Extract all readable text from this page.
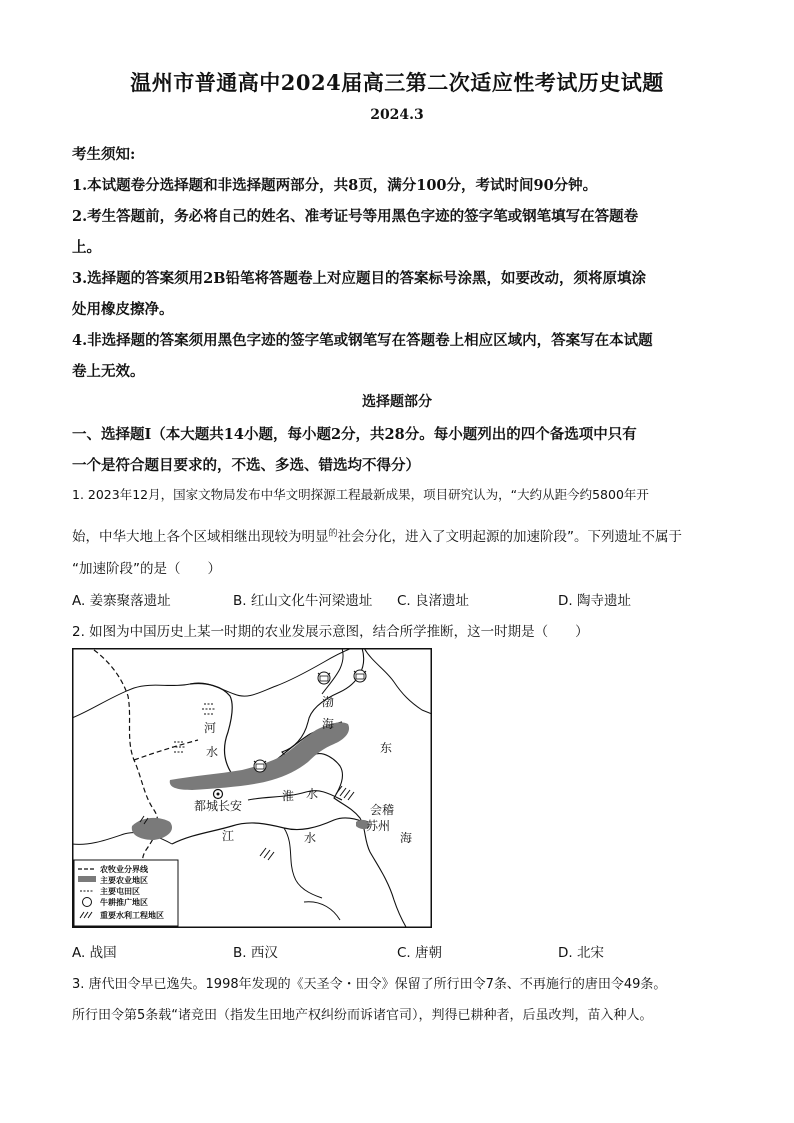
温州市普通高中2024届高三第二次适应性考试历史试题
2024.3
考生须知:
1.本试题卷分选择题和非选择题两部分，共8页，满分100分，考试时间90分钟。
2.考生答题前，务必将自己的姓名、准考证号等用黑色字迹的签字笔或钢笔填写在答题卷
上。
3.选择题的答案须用2B铅笔将答题卷上对应题目的答案标号涂黑，如要改动，须将原填涂
处用橡皮擦净。
4.非选择题的答案须用黑色字迹的签字笔或钢笔写在答题卷上相应区域内，答案写在本试题
卷上无效。
选择题部分
一、选择题Ⅰ（本大题共14小题，每小题2分，共28分。每小题列出的四个备选项中只有
一个是符合题目要求的，不选、多选、错选均不得分）
1. 2023年12月，国家文物局发布中华文明探源工程最新成果，项目研究认为，“大约从距今约5800年开
始，中华大地上各个区域相继出现较为明显$^的$社会分化，进入了文明起源的加速阶段”。下列遗址不属于
“加速阶段”的是（　　）
A. 姜寨聚落遗址	B. 红山文化牛河梁遗址 C. 良渚遗址	D. 陶寺遗址
2. 如图为中国历史上某一时期的农业发展示意图，结合所学推断，这一时期是（　　）
渤
海
河
水	东
海
淮 水
都城长安	会稽
苏州
江	水
农牧业分界线
主要农业地区
主要屯田区
牛耕推广地区
重要水利工程地区
A. 战国	B. 西汉	C. 唐朝	D. 北宋
3. 唐代田令早已逸失。1998年发现的《天圣令・田令》保留了所行田令7条、不再施行的唐田令49条。
所行田令第5条载“诸竞田（指发生田地产权纠纷而诉诸官司），判得已耕种者，后虽改判，苗入种人。
